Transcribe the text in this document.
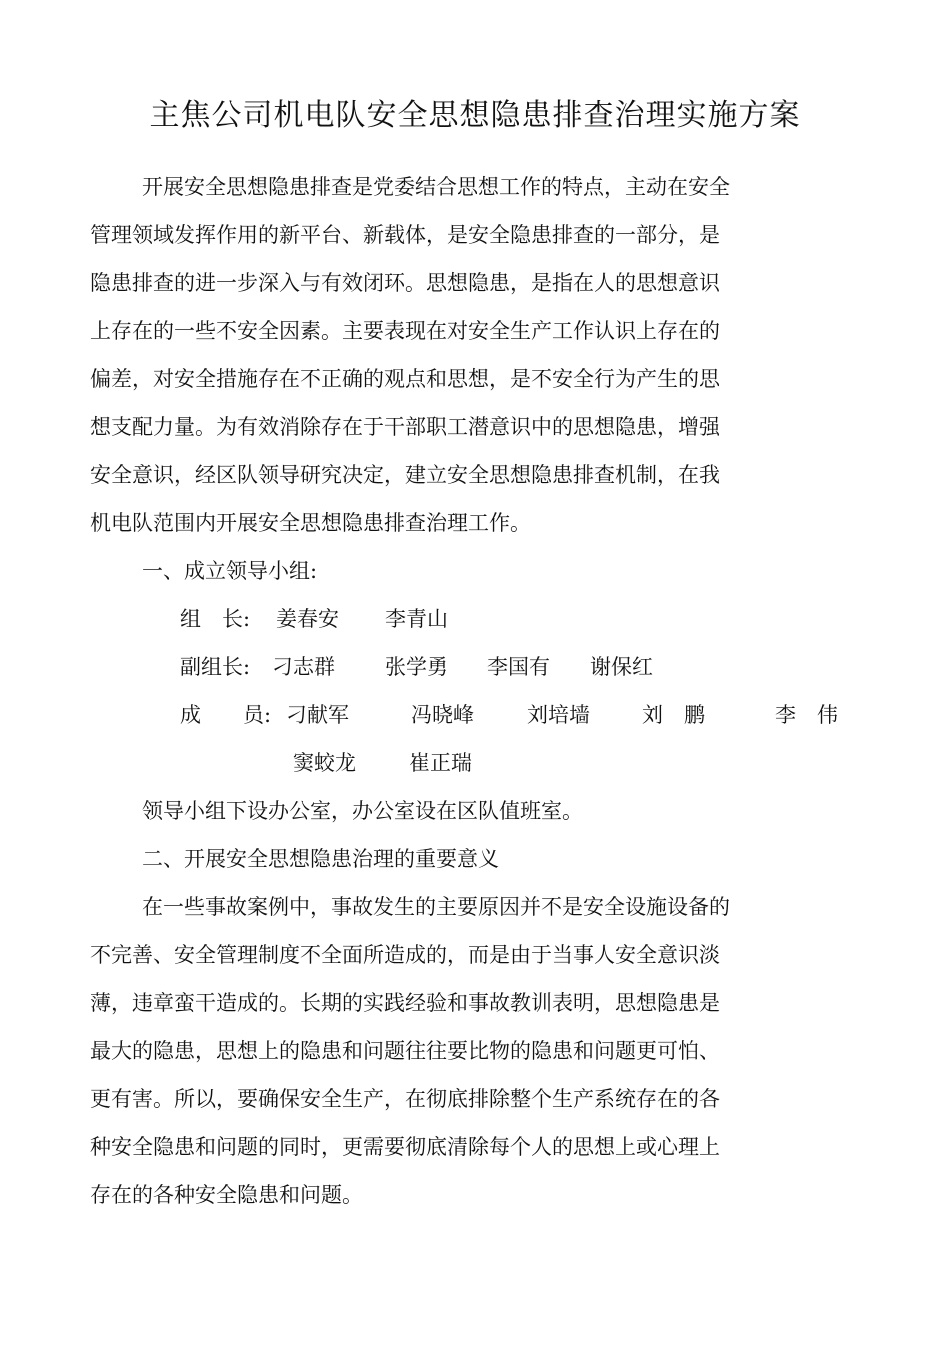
主焦公司机电队安全思想隐患排查治理实施方案
开展安全思想隐患排查是党委结合思想工作的特点，主动在安全
管理领域发挥作用的新平台、新载体，是安全隐患排查的一部分，是
隐患排查的进一步深入与有效闭环。思想隐患，是指在人的思想意识
上存在的一些不安全因素。主要表现在对安全生产工作认识上存在的
偏差，对安全措施存在不正确的观点和思想，是不安全行为产生的思
想支配力量。为有效消除存在于干部职工潜意识中的思想隐患，增强
安全意识，经区队领导研究决定，建立安全思想隐患排查机制，在我
机电队范围内开展安全思想隐患排查治理工作。
一、成立领导小组:
组　长: 姜春安 李青山
副组长: 刁志群 张学勇 李国有 谢保红
成　　员: 刁献军	冯晓峰	刘培墙 刘　鹏	李　伟
窦蛟龙	崔正瑞
领导小组下设办公室，办公室设在区队值班室。
二、开展安全思想隐患治理的重要意义
在一些事故案例中，事故发生的主要原因并不是安全设施设备的
不完善、安全管理制度不全面所造成的，而是由于当事人安全意识淡
薄，违章蛮干造成的。长期的实践经验和事故教训表明，思想隐患是
最大的隐患，思想上的隐患和问题往往要比物的隐患和问题更可怕、
更有害。所以，要确保安全生产，在彻底排除整个生产系统存在的各
种安全隐患和问题的同时，更需要彻底清除每个人的思想上或心理上
存在的各种安全隐患和问题。
